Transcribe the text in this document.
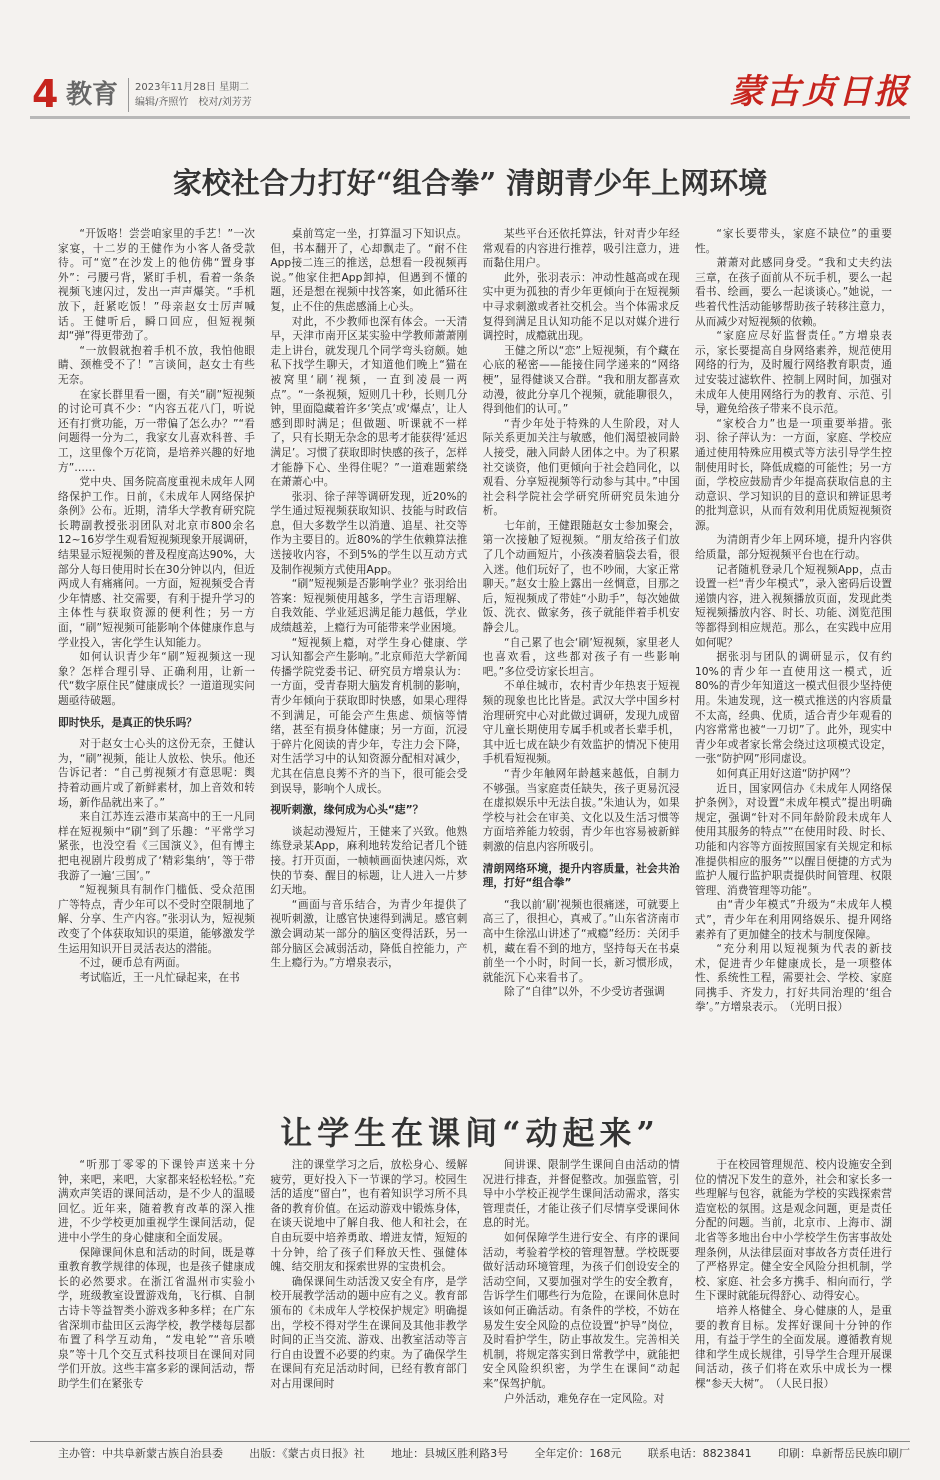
4 教育 2023年11月28日 星期二
编辑/齐照竹　校对/刘芳芳	蒙古贞日报
家校社合力打好“组合拳” 清朗青少年上网环境

“开饭咯！尝尝咱家里的手艺！”一次家宴，十二岁的王健作为小客人备受款待。可“宽”在沙发上的他仿佛“置身事外”：弓腰弓背，紧盯手机，看着一条条视频飞速闪过，发出一声声爆笑。“手机放下，赶紧吃饭！”母亲赵女士厉声喊话。王健听后，瞬口回应，但短视频却“弹”得更带劲了。

“一放假就抱着手机不放，我怕他眼睛、颈椎受不了！”言谈间，赵女士有些无奈。

在家长群里看一圈，有关“刷”短视频的讨论可真不少：“内容五花八门，听说还有打赏功能，万一带偏了怎么办？”“看问题得一分为二，我家女儿喜欢科普、手工，这里像个万花筒，是培养兴趣的好地方”……

党中央、国务院高度重视未成年人网络保护工作。日前，《未成年人网络保护条例》公布。近期，清华大学教育研究院长聘副教授张羽团队对北京市800余名12~16岁学生观看短视频现象开展调研，结果显示短视频的普及程度高达90%，大部分人每日使用时长在30分钟以内，但近两成人有痛痛问。一方面，短视频受合青少年情感、社交需要，有利于提升学习的主体性与获取资源的便利性；另一方面，“刷”短视频可能影响个体健康作息与学业投入，害化学生认知能力。

如何认识青少年“刷”短视频这一现象？怎样合理引导、正确利用，让新一代“数字原住民”健康成长？一道道现实问题亟待破题。

即时快乐，是真正的快乐吗？

对于赵女士心头的这份无奈，王健认为，“刷”视频，能让人放松、快乐。他还告诉记者：“自己剪视频才有意思呢：舆持着动画片或了新鲜素材，加上音效和转场，新作品就出来了。”

来自江苏连云港市某高中的王一凡同样在短视频中“刷”到了乐趣：“平常学习紧张，也没空看《三国演义》，但有博主把电视剧片段剪成了‘精彩集纳’，等于带我游了一遍‘三国’。”

“短视频具有制作门槛低、受众范围广等特点，青少年可以不受时空限制地了解、分享、生产内容。”张羽认为，短视频改变了个体获取知识的渠道，能够激发学生运用知识开目灵活表达的潜能。

不过，硬币总有两面。

考试临近，王一凡忙碌起来，在书

桌前笃定一坐，打算温习下知识点。但，书本翻开了，心却飘走了。“耐不住App接二连三的推送，总想看一段视频再说。”他家住把App卸掉，但遇到不懂的题，还是想在视频中找答案，如此循环往复，止不住的焦虑感涌上心头。

对此，不少教师也深有体会。一天清早，天津市南开区某实验中学教师萧萧刚走上讲台，就发现几个同学弯头窃颇。她私下找学生聊天，才知道他们晚上“猫在被窝里‘刷’视频，一直到凌晨一两点”。“一条视频，短则几十秒，长则几分钟，里面隐藏着许多‘笑点’或‘爆点’，让人感到即时满足；但做题、听课就不一样了，只有长期无杂念的思考才能获得‘延迟满足’。习惯了获取即时快感的孩子，怎样才能静下心、坐得住呢？”一道难题萦绕在萧萧心中。

张羽、徐子萍等调研发现，近20%的学生通过短视频获取知识、技能与时政信息，但大多数学生以消遣、追星、社交等作为主要目的。近80%的学生依赖算法推送接收内容，不到5%的学生以互动方式及制作视频方式使用App。

“刷”短视频是否影响学业？张羽给出答案：短视频使用越多，学生言语理解、自我效能、学业延迟满足能力越低，学业成绩越差，上瘾行为可能带来学业困境。

“短视频上瘾，对学生身心健康、学习认知都会产生影响。”北京师范大学新闻传播学院党委书记、研究员方增泉认为：一方面，受青春期大脑发育机制的影响，青少年倾向于获取即时快感，如果心理得不到满足，可能会产生焦虑、烦恼等情绪，甚至有损身体健康；另一方面，沉浸于碎片化阅读的青少年，专注力会下降，对生活学习中的认知资源分配相对减少，尤其在信息良莠不齐的当下，很可能会受到误导，影响个人成长。

视听刺激，缘何成为心头“痣”？

谈起动漫短片，王健来了兴致。他熟练登录某App，麻利地转发给记者几个链接。打开页面，一帧帧画面快速闪烁，欢快的节奏、醒目的标题，让人进入一片梦幻天地。

“画面与音乐结合，为青少年提供了视听刺激，让感官快速得到满足。感官刺激会调动某一部分的脑区变得活跃，另一部分脑区会减弱活动，降低自控能力，产生上瘾行为。”方增泉表示，

某些平台还依托算法，针对青少年经常观看的内容进行推荐，吸引注意力，进而黏住用户。

此外，张羽表示：冲动性越高或在现实中更为孤独的青少年更倾向于在短视频中寻求刺激或者社交机会。当个体需求反复得到满足且认知功能不足以对媒介进行调控时，成瘾就出现。

王健之所以“恋”上短视频，有个藏在心底的秘密——能接住同学递来的“网络梗”，显得健谈又合群。“我和朋友都喜欢动漫，彼此分享几个视频，就能聊很久，得到他们的认可。”

“青少年处于特殊的人生阶段，对人际关系更加关注与敏感，他们渴望被同龄人接受，融入同龄人团体之中。为了积累社交谈资，他们更倾向于社会趋同化，以观看、分享短视频等行动参与其中。”中国社会科学院社会学研究所研究员朱迪分析。

七年前，王健跟随赵女士参加聚会，第一次接触了短视频。“朋友给孩子们放了几个动画短片，小孩凑着脑袋去看，很入迷。他们玩好了，也不吵闹，大家正常聊天。”赵女士脸上露出一丝惆意，目那之后，短视频成了带娃“小助手”，每次她做饭、洗衣、做家务，孩子就能伴着手机安静会儿。

“自己累了也会‘刷’短视频，家里老人也喜欢看，这些都对孩子有一些影响吧。”多位受访家长坦言。

不单住城市，农村青少年热衷于短视频的现象也比比皆是。武汉大学中国乡村治理研究中心对此做过调研，发现九成留守儿童长期使用专属手机或者长辈手机，其中近七成在缺少有效监护的情况下使用手机看短视频。

“青少年触网年龄越来越低，自制力不够强。当家庭责任缺失，孩子更易沉浸在虚拟娱乐中无法自拔。”朱迪认为，如果学校与社会在审美、文化以及生活习惯等方面培养能力较弱，青少年也容易被新鲜刺激的信息内容所吸引。

清朗网络环境，提升内容质量，社会共治理，打好“组合拳”

“我以前‘刷’视频也很痛迷，可就要上高三了，很担心，真戒了。”山东省济南市高中生徐泓山讲述了“戒瘾”经历：关闭手机，藏在看不到的地方，坚持每天在书桌前坐一个小时，时间一长，新习惯形成，就能沉下心来看书了。

除了“自律”以外，不少受访者强调

“家长要带头，家庭不缺位”的重要性。

萧萧对此感同身受。“我和丈夫约法三章，在孩子面前从不玩手机，要么一起看书、绘画，要么一起谈谈心。”她说，一些着代性活动能够帮助孩子转移注意力，从而减少对短视频的依赖。

“家庭应尽好监督责任。”方增泉表示，家长要提高自身网络素养，规范使用网络的行为，及时履行网络教育职责，通过安装过滤软件、控制上网时间，加强对未成年人使用网络行为的教育、示范、引导，避免给孩子带来不良示范。

“家校合力”也是一项重要举措。张羽、徐子萍认为：一方面，家庭、学校应通过使用特殊应用模式等方法引导学生控制使用时长，降低成瘾的可能性；另一方面，学校应鼓励青少年提高获取信息的主动意识、学习知识的目的意识和辨证思考的批判意识，从而有效利用优质短视频资源。

为清朗青少年上网环境，提升内容供给质量，部分短视频平台也在行动。

记者随机登录几个短视频App，点击设置一栏“青少年模式”，录入密码后设置递馈内容，进入视频播放页面，发现此类短视频播放内容、时长、功能、浏览范围等都得到相应规范。那么，在实践中应用如何呢？

据张羽与团队的调研显示，仅有约10%的青少年一直使用这一模式，近80%的青少年知道这一模式但很少坚持使用。朱迪发现，这一模式推送的内容质量不太高，经典、优质，适合青少年观看的内容常常也被“一刀切”了。此外，现实中青少年或者家长常会绕过这项模式设定，一张“防护网”形同虚设。

如何真正用好这道“防护网”？

近日，国家网信办《未成年人网络保护条例》，对设置“未成年模式”提出明确规定，强调“针对不同年龄阶段未成年人使用其服务的特点”“在使用时段、时长、功能和内容等方面按照国家有关规定和标准提供相应的服务”“以醒目便捷的方式为监护人履行监护职责提供时间管理、权限管理、消费管理等功能”。

由“青少年模式”升级为“未成年人模式”，青少年在利用网络娱乐、提升网络素养有了更加健全的技术与制度保障。

“充分利用以短视频为代表的新技术，促进青少年健康成长，是一项整体性、系统性工程，需要社会、学校、家庭同携手、齐发力，打好共同治理的‘组合拳’。”方增泉表示。　（光明日报）

让学生在课间“动起来”

“听那丁零零的下课铃声送来十分钟，来吧，来吧，大家都来轻松轻松。”充满欢声笑语的课间活动，是不少人的温暖回忆。近年来，随着教育改革的深入推进，不少学校更加重视学生课间活动，促进中小学生的身心健康和全面发展。

保障课间休息和活动的时间，既是尊重教育教学规律的体现，也是孩子健康成长的必然要求。在浙江省温州市实验小学，班级教室设置游戏角，飞行棋、自制古诗卡等益智类小游戏多种多样；在广东省深圳市盐田区云海学校，教学楼每层都布置了科学互动角，“发电轮”“音乐喷泉”等十几个交互式科技项目在课间对同学们开放。这些丰富多彩的课间活动，帮助学生们在紧张专

注的课堂学习之后，放松身心、缓解疲劳，更好投入下一节课的学习。校园生活的适度“留白”，也有着知识学习所不具备的教育价值。在运动游戏中锻炼身体，在谈天说地中了解自我、他人和社会，在自由玩耍中培养勇敢、增进友情，短短的十分钟，给了孩子们释放天性、强健体魄、结交朋友和探索世界的宝贵机会。

确保课间生动活泼又安全有序，是学校开展教学活动的题中应有之义。教育部颁布的《未成年人学校保护规定》明确提出，学校不得对学生在课间及其他非教学时间的正当交流、游戏、出教室活动等言行自由设置不必要的约束。为了确保学生在课间有充足活动时间，已经有教育部门对占用课间时

间讲课、限制学生课间自由活动的情况进行排查，并督促整改。加强监管，引导中小学校正视学生课间活动需求，落实管理责任，才能让孩子们尽情享受课间休息的时光。

如何保障学生进行安全、有序的课间活动，考验着学校的管理智慧。学校既要做好活动环境管理，为孩子们创设安全的活动空间，又要加强对学生的安全教育，告诉学生们哪些行为危险，在课间休息时该如何正确活动。有条件的学校，不妨在易发生安全风险的点位设置“护导”岗位，及时看护学生，防止事故发生。完善相关机制，将规定落实到日常教学中，就能把安全风险织织密，为学生在课间“动起来”保驾护航。

户外活动，难免存在一定风险。对

于在校园管理规范、校内设施安全到位的情况下发生的意外，社会和家长多一些理解与包容，就能为学校的实践探索营造宽松的氛围。这是观念问题，更是责任分配的问题。当前，北京市、上海市、湖北省等多地出台中小学校学生伤害事故处理条例，从法律层面对事故各方责任进行了严格界定。健全安全风险分担机制，学校、家庭、社会多方携手、相向而行，学生下课时就能玩得舒心、动得安心。

培养人格健全、身心健康的人，是重要的教育目标。发挥好课间十分钟的作用，有益于学生的全面发展。遵循教育规律和学生成长规律，引导学生合理开展课间活动，孩子们将在欢乐中成长为一棵棵“参天大树”。　（人民日报）

主办管：中共阜新蒙古族自治县委 出版：《蒙古贞日报》社 地址：县城区胜利路3号 全年定价：168元 联系电话：8823841 印刷：阜新帮岳民族印刷厂
